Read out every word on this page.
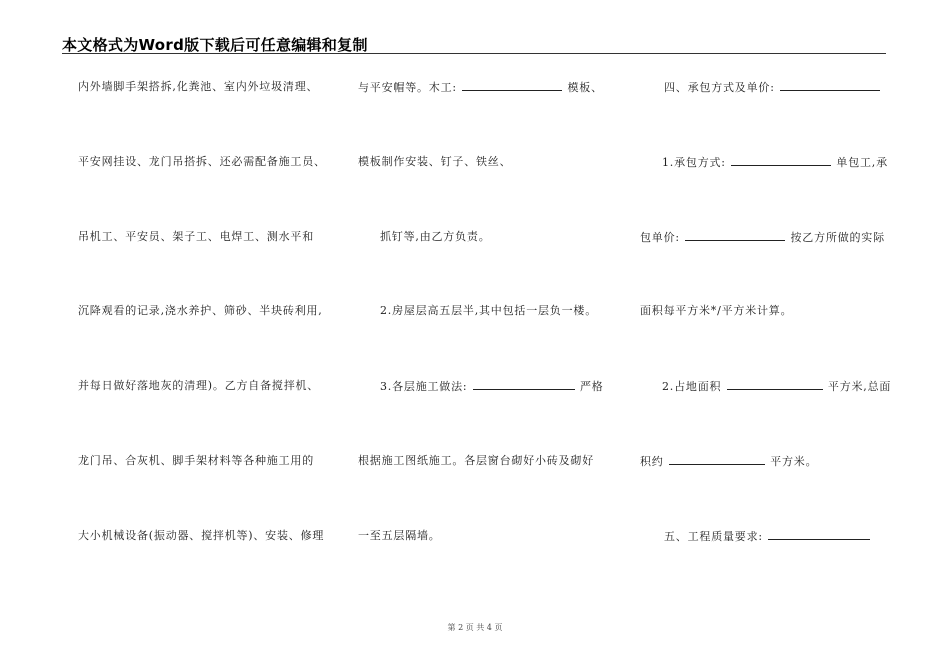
本文格式为Word版下载后可任意编辑和复制
内外墙脚手架搭拆,化粪池、室内外垃圾清理、
平安网挂设、龙门吊搭拆、还必需配备施工员、
吊机工、平安员、架子工、电焊工、测水平和
沉降观看的记录,浇水养护、筛砂、半块砖利用,
并每日做好落地灰的清理)。乙方自备搅拌机、
龙门吊、合灰机、脚手架材料等各种施工用的
大小机械设备(振动器、搅拌机等)、安装、修理
与平安帽等。木工:	模板、
模板制作安装、钉子、铁丝、
抓钉等,由乙方负责。
2.房屋层高五层半,其中包括一层负一楼。
3.各层施工做法:	严格
根据施工图纸施工。各层窗台砌好小砖及砌好
一至五层隔墙。
四、承包方式及单价:
1.承包方式:	单包工,承
包单价:	按乙方所做的实际
面积每平方米*/平方米计算。
2.占地面积	平方米,总面
积约	平方米。
五、工程质量要求:
第 2 页 共 4 页
